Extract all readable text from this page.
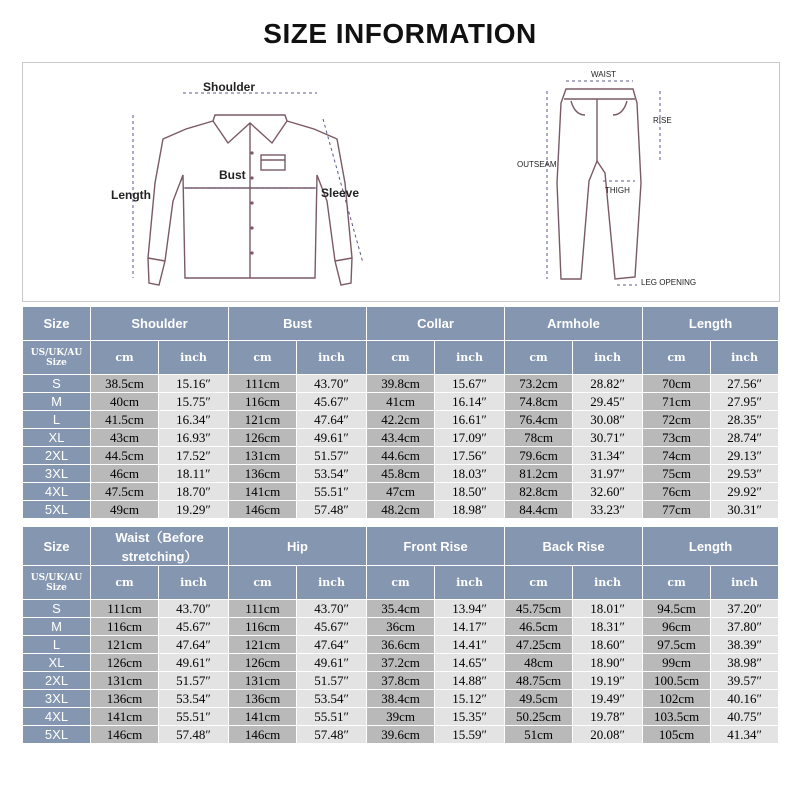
SIZE INFORMATION
Shoulder
Bust
Length	Sleeve
WAIST
RISE
OUTSEAM
THIGH
LEG OPENING
Size	Shoulder		Bust		Collar		Armhole		Length	
US/UK/AU Size	cm	inch	cm	inch	cm	inch	cm	inch	cm	inch
S	38.5cm	15.16″	111cm	43.70″	39.8cm	15.67″	73.2cm	28.82″	70cm	27.56″
M	40cm	15.75″	116cm	45.67″	41cm	16.14″	74.8cm	29.45″	71cm	27.95″
L	41.5cm	16.34″	121cm	47.64″	42.2cm	16.61″	76.4cm	30.08″	72cm	28.35″
XL	43cm	16.93″	126cm	49.61″	43.4cm	17.09″	78cm	30.71″	73cm	28.74″
2XL	44.5cm	17.52″	131cm	51.57″	44.6cm	17.56″	79.6cm	31.34″	74cm	29.13″
3XL	46cm	18.11″	136cm	53.54″	45.8cm	18.03″	81.2cm	31.97″	75cm	29.53″
4XL	47.5cm	18.70″	141cm	55.51″	47cm	18.50″	82.8cm	32.60″	76cm	29.92″
5XL	49cm	19.29″	146cm	57.48″	48.2cm	18.98″	84.4cm	33.23″	77cm	30.31″
Size	Waist（Before stretching）		Hip		Front Rise		Back Rise		Length	
US/UK/AU Size	cm	inch	cm	inch	cm	inch	cm	inch	cm	inch
S	111cm	43.70″	111cm	43.70″	35.4cm	13.94″	45.75cm	18.01″	94.5cm	37.20″
M	116cm	45.67″	116cm	45.67″	36cm	14.17″	46.5cm	18.31″	96cm	37.80″
L	121cm	47.64″	121cm	47.64″	36.6cm	14.41″	47.25cm	18.60″	97.5cm	38.39″
XL	126cm	49.61″	126cm	49.61″	37.2cm	14.65″	48cm	18.90″	99cm	38.98″
2XL	131cm	51.57″	131cm	51.57″	37.8cm	14.88″	48.75cm	19.19″	100.5cm	39.57″
3XL	136cm	53.54″	136cm	53.54″	38.4cm	15.12″	49.5cm	19.49″	102cm	40.16″
4XL	141cm	55.51″	141cm	55.51″	39cm	15.35″	50.25cm	19.78″	103.5cm	40.75″
5XL	146cm	57.48″	146cm	57.48″	39.6cm	15.59″	51cm	20.08″	105cm	41.34″
